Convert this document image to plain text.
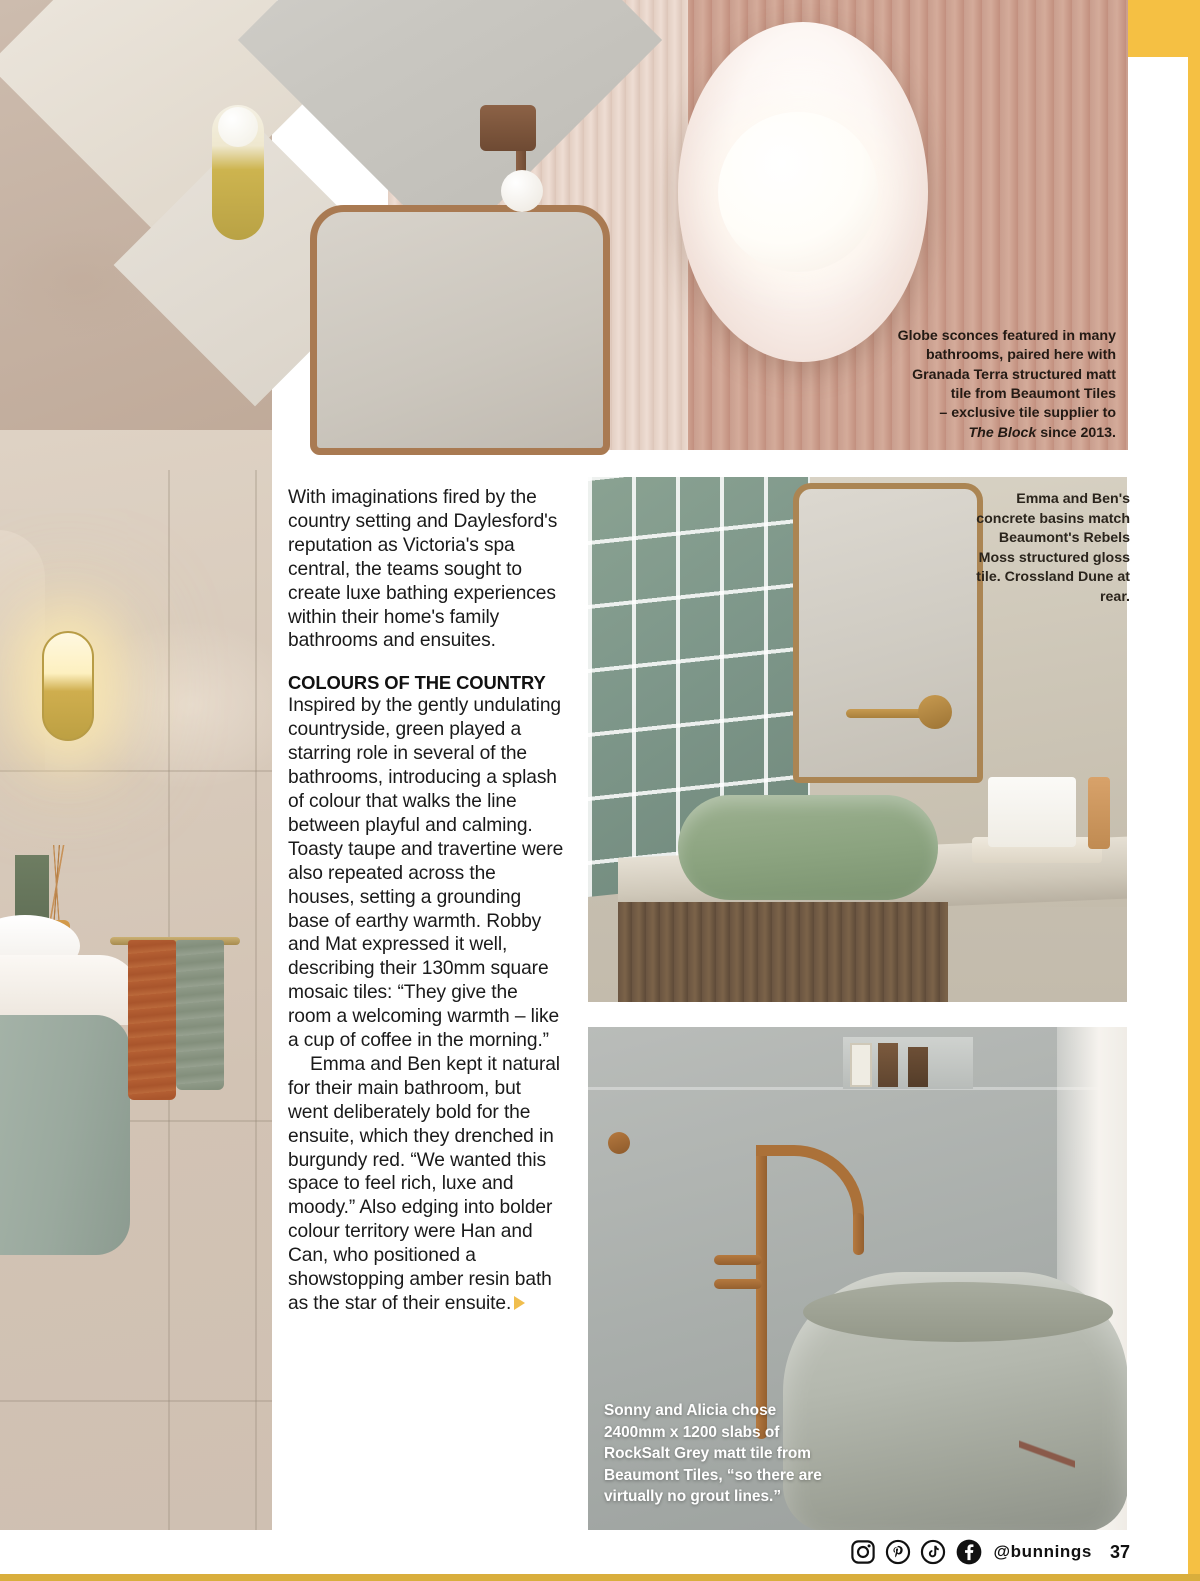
Globe sconces featured in many
bathrooms, paired here with
Granada Terra structured matt
tile from Beaumont Tiles
– exclusive tile supplier to
The Block since 2013.
Emma and Ben's concrete basins match Beaumont's Rebels Moss structured gloss tile. Crossland Dune at rear.
Sonny and Alicia chose 2400mm x 1200 slabs of RockSalt Grey matt tile from Beaumont Tiles, “so there are virtually no grout lines.”

With imaginations fired by the country setting and Daylesford's reputation as Victoria's spa central, the teams sought to create luxe bathing experiences within their home's family bathrooms and ensuites.

COLOURS OF THE COUNTRY

Inspired by the gently undulating countryside, green played a starring role in several of the bathrooms, introducing a splash of colour that walks the line between playful and calming. Toasty taupe and travertine were also repeated across the houses, setting a grounding base of earthy warmth. Robby and Mat expressed it well, describing their 130mm square mosaic tiles: “They give the room a welcoming warmth – like a cup of coffee in the morning.”

Emma and Ben kept it natural for their main bathroom, but went deliberately bold for the ensuite, which they drenched in burgundy red. “We wanted this space to feel rich, luxe and moody.” Also edging into bolder colour territory were Han and Can, who positioned a showstopping amber resin bath as the star of their ensuite.

@bunnings 37
